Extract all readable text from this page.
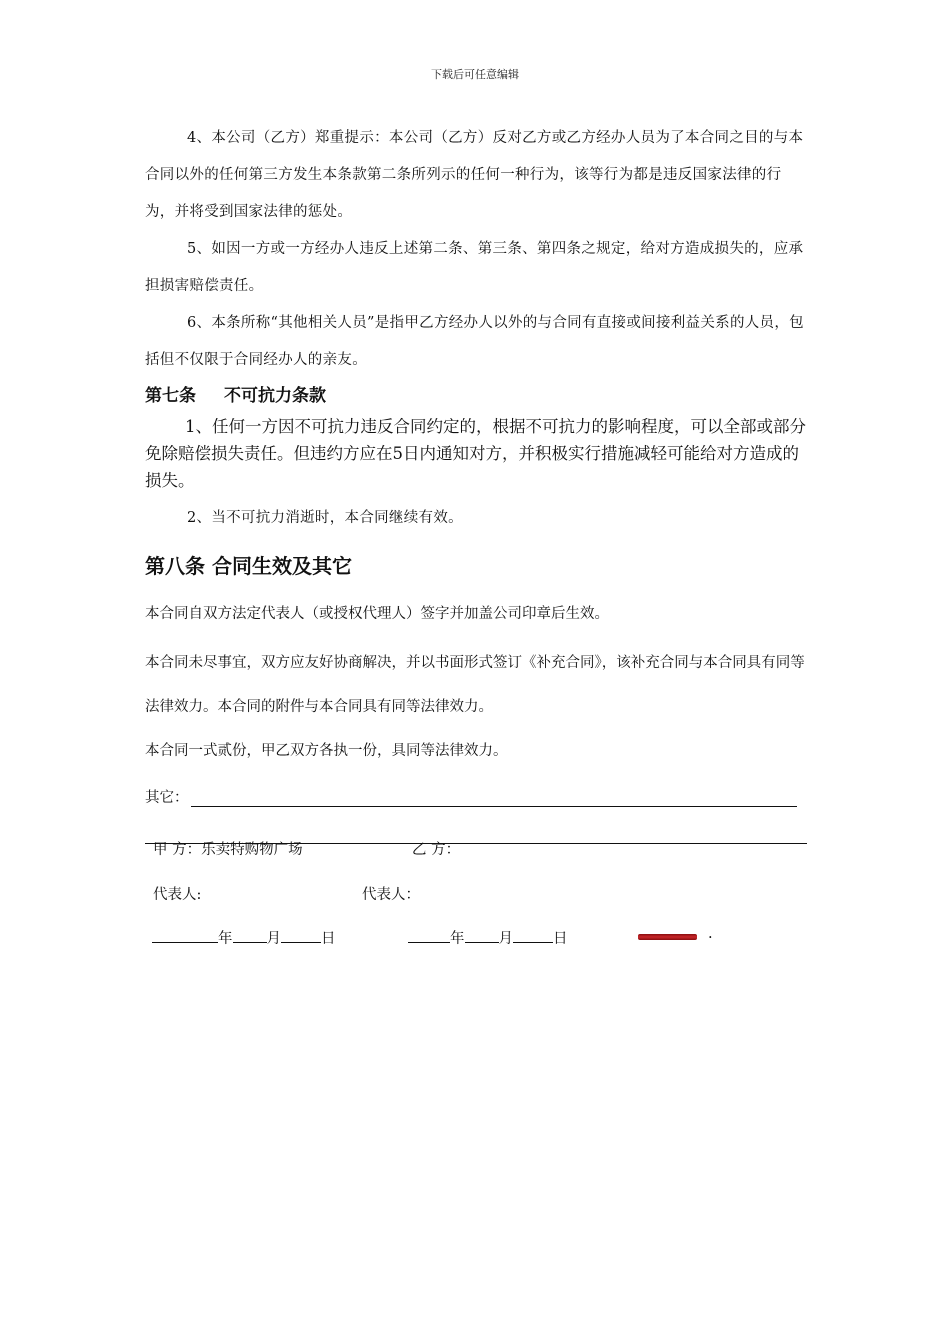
下载后可任意编辑

4、本公司（乙方）郑重提示：本公司（乙方）反对乙方或乙方经办人员为了本合同之目的与本合同以外的任何第三方发生本条款第二条所列示的任何一种行为，该等行为都是违反国家法律的行为，并将受到国家法律的惩处。

5、如因一方或一方经办人违反上述第二条、第三条、第四条之规定，给对方造成损失的，应承担损害赔偿责任。

6、本条所称“其他相关人员”是指甲乙方经办人以外的与合同有直接或间接利益关系的人员，包括但不仅限于合同经办人的亲友。

第七条 不可抗力条款

1、任何一方因不可抗力违反合同约定的，根据不可抗力的影响程度，可以全部或部分免除赔偿损失责任。但违约方应在5日内通知对方，并积极实行措施减轻可能给对方造成的损失。

2、当不可抗力消逝时，本合同继续有效。

第八条 合同生效及其它

本合同自双方法定代表人（或授权代理人）签字并加盖公司印章后生效。

本合同未尽事宜，双方应友好协商解决，并以书面形式签订《补充合同》，该补充合同与本合同具有同等法律效力。本合同的附件与本合同具有同等法律效力。

本合同一式贰份，甲乙双方各执一份，具同等法律效力。

其它：
甲 方：乐卖特购物广场	乙 方：
代表人:	代表人：
年 月	日	年 月	日	.
